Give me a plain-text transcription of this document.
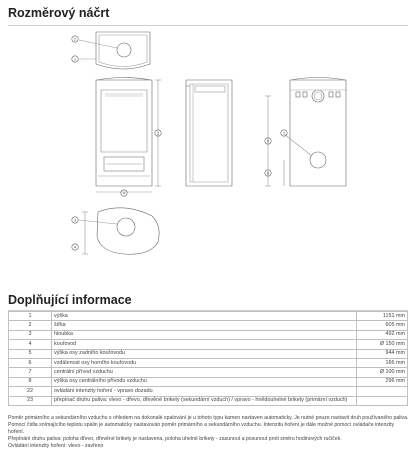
Rozměrový náčrt
2
1
1
4
5
7
6
3
4
Doplňující informace
1	výška	1151 mm
2	šířka	605 mm
3	hloubka	492 mm
4	kouřovod	Ø 150 mm
5	výška osy zadního kouřovodu	944 mm
6	vzdálenost osy horního kouřovodu	166 mm
7	centrální přívod vzduchu	Ø 100 mm
8	výška osy centrálního přívodu vzduchu	296 mm
22	ovládání intenzity hoření - vpravo dozadu	
23	přepínač druhu paliva: vlevo - dřevo, dřevěné brikety (sekundární vzduch) / vpravo - hnědouhelné brikety (primární vzduch)	

Poměr primárního a sekundárního vzduchu s ohledem na dokonalé spalování je u tohoto typu kamen nastaven automaticky. Je nutné pouze nastavit druh používaného paliva. Pomocí čidla snímajícího teplotu spalin je automaticky nastavován poměr primárního a sekundárního vzduchu. Intenzitu hoření je dále možné pomocí ovládače intenzity hoření.

Přepínání druhu paliva: poloha dřevo, dřevěné brikety je nastavena, poloha uhelné brikety - zasunout a posunout proti směru hodinových ručiček.

Ovládání intenzity hoření: vlevo - zavřeno
